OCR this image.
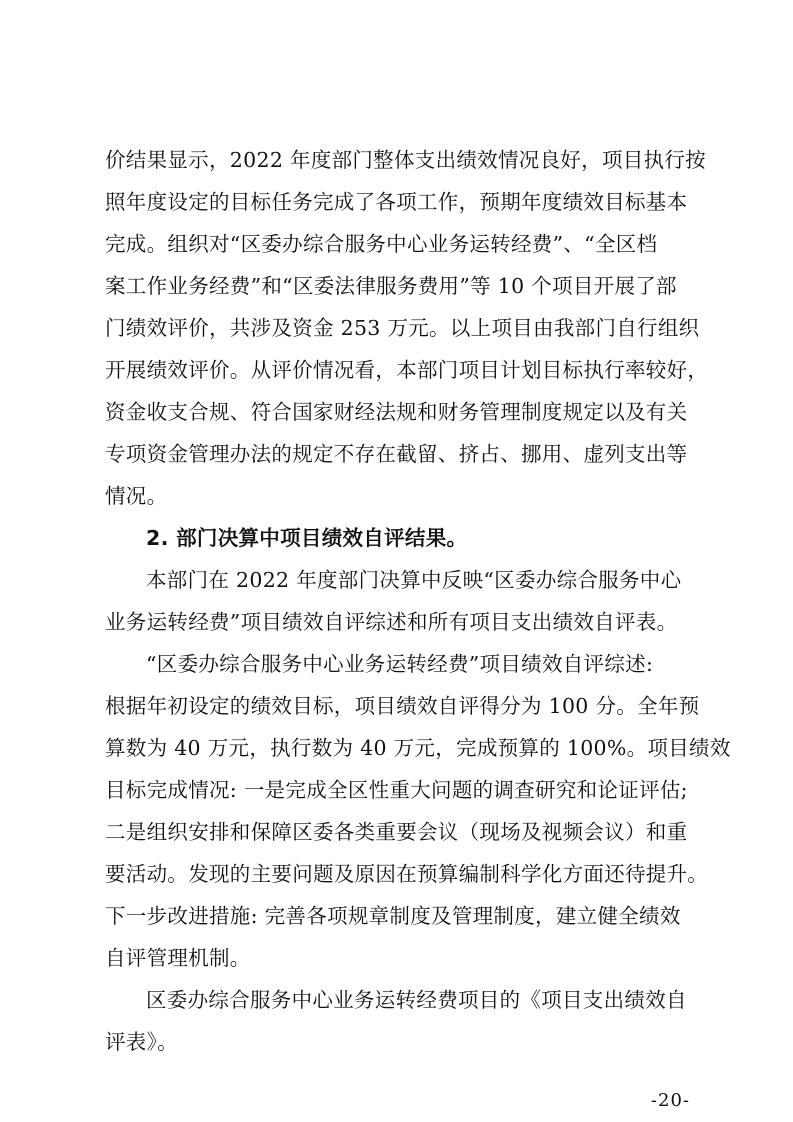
价结果显示，2022 年度部门整体支出绩效情况良好，项目执行按
照年度设定的目标任务完成了各项工作，预期年度绩效目标基本
完成。组织对“区委办综合服务中心业务运转经费”、“全区档
案工作业务经费”和“区委法律服务费用”等 10 个项目开展了部
门绩效评价，共涉及资金 253 万元。以上项目由我部门自行组织
开展绩效评价。从评价情况看，本部门项目计划目标执行率较好，
资金收支合规、符合国家财经法规和财务管理制度规定以及有关
专项资金管理办法的规定不存在截留、挤占、挪用、虚列支出等
情况。
2. 部门决算中项目绩效自评结果。
本部门在 2022 年度部门决算中反映“区委办综合服务中心
业务运转经费”项目绩效自评综述和所有项目支出绩效自评表。
“区委办综合服务中心业务运转经费”项目绩效自评综述:
根据年初设定的绩效目标，项目绩效自评得分为 100 分。全年预
算数为 40 万元，执行数为 40 万元，完成预算的 100%。项目绩效
目标完成情况: 一是完成全区性重大问题的调查研究和论证评估;
二是组织安排和保障区委各类重要会议（现场及视频会议）和重
要活动。发现的主要问题及原因在预算编制科学化方面还待提升。
下一步改进措施: 完善各项规章制度及管理制度，建立健全绩效
自评管理机制。
区委办综合服务中心业务运转经费项目的《项目支出绩效自
评表》。
-20-
